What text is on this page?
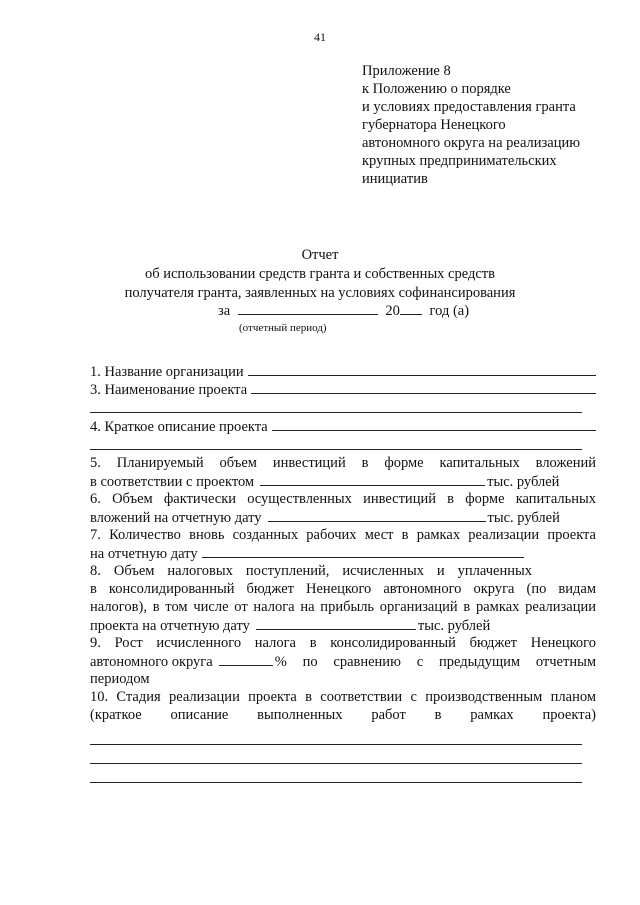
41
Приложение 8
к Положению о порядке
и условиях предоставления гранта
губернатора Ненецкого
автономного округа на реализацию
крупных предпринимательских
инициатив
Отчет
об использовании средств гранта и собственных средств
получателя гранта, заявленных на условиях софинансирования
за	20 год (а)
(отчетный период)
1. Название организации
3. Наименование проекта
4. Краткое описание проекта
5. Планируемый объем инвестиций в форме капитальных вложений
в соответствии с проектом	тыс. рублей
6. Объем фактически осуществленных инвестиций в форме капитальных
вложений на отчетную дату	тыс. рублей
7. Количество вновь созданных рабочих мест в рамках реализации проекта
на отчетную дату
8. Объем налоговых поступлений, исчисленных и уплаченных
в консолидированный бюджет Ненецкого автономного округа (по видам
налогов), в том числе от налога на прибыль организаций в рамках реализации
проекта на отчетную дату	тыс. рублей
9. Рост исчисленного налога в консолидированный бюджет Ненецкого
автономного округа	% по сравнению с предыдущим отчетным
периодом
10. Стадия реализации проекта в соответствии с производственным планом
(краткое описание выполненных работ в рамках проекта)
